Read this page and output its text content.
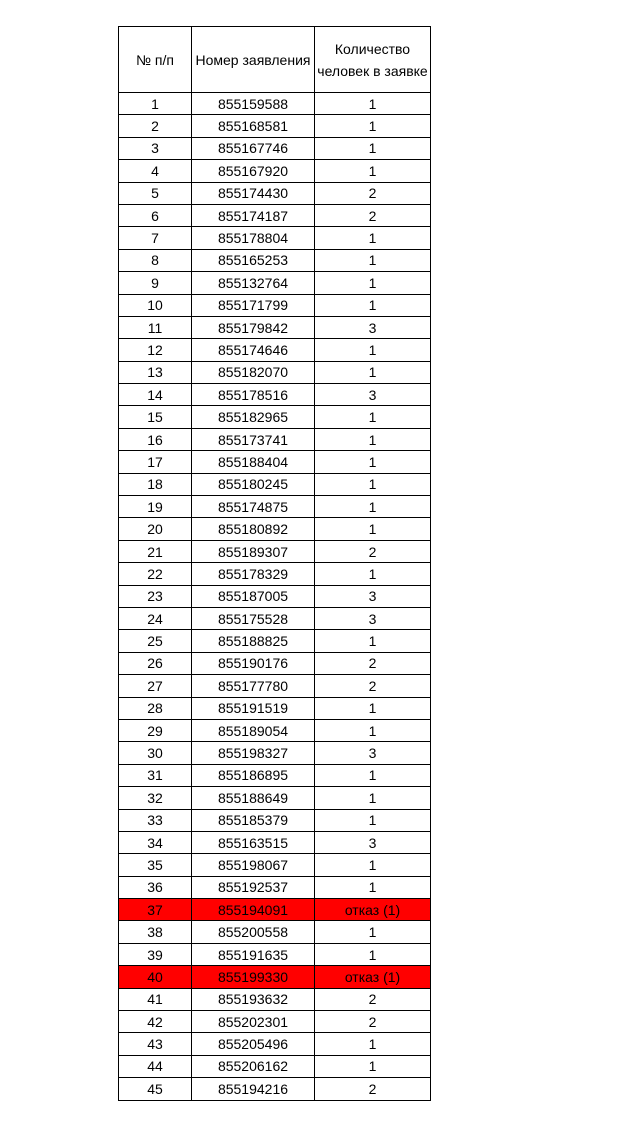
№ п/п	Номер заявления	Количество человек в заявке
1	855159588	1
2	855168581	1
3	855167746	1
4	855167920	1
5	855174430	2
6	855174187	2
7	855178804	1
8	855165253	1
9	855132764	1
10	855171799	1
11	855179842	3
12	855174646	1
13	855182070	1
14	855178516	3
15	855182965	1
16	855173741	1
17	855188404	1
18	855180245	1
19	855174875	1
20	855180892	1
21	855189307	2
22	855178329	1
23	855187005	3
24	855175528	3
25	855188825	1
26	855190176	2
27	855177780	2
28	855191519	1
29	855189054	1
30	855198327	3
31	855186895	1
32	855188649	1
33	855185379	1
34	855163515	3
35	855198067	1
36	855192537	1
37	855194091	отказ (1)
38	855200558	1
39	855191635	1
40	855199330	отказ (1)
41	855193632	2
42	855202301	2
43	855205496	1
44	855206162	1
45	855194216	2
